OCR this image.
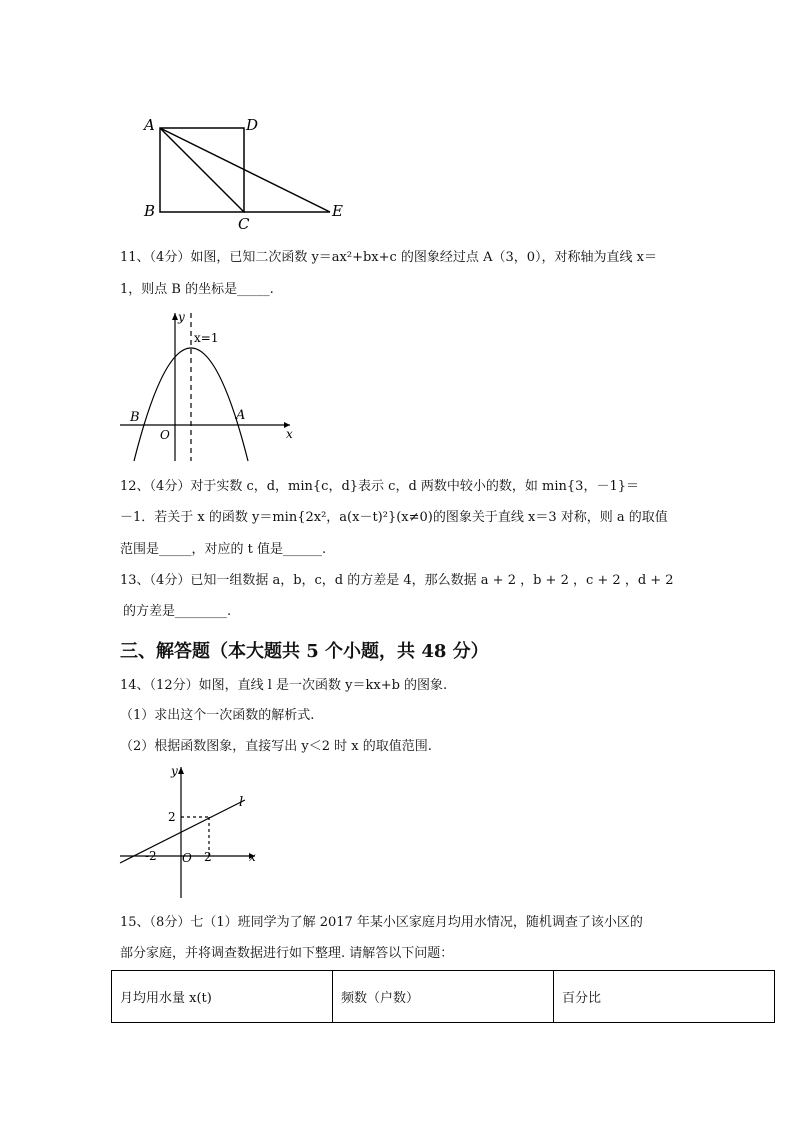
A	D
B
C
E
11、（4分）如图，已知二次函数 y＝ax²+bx+c 的图象经过点 A（3，0），对称轴为直线 x＝
1，则点 B 的坐标是_____.
y
x
x=1
O
A
B
12、（4分）对于实数 c，d，min{c，d}表示 c，d 两数中较小的数，如 min{3，－1}＝
－1．若关于 x 的函数 y＝min{2x²，a(x－t)²}(x≠0)的图象关于直线 x＝3 对称，则 a 的取值
范围是_____，对应的 t 值是______.
13、（4分）已知一组数据 a，b，c，d 的方差是 4，那么数据 a + 2 ，b + 2 ，c + 2 ，d + 2
的方差是________.
三、解答题（本大题共 5 个小题，共 48 分）
14、（12分）如图，直线 l 是一次函数 y＝kx+b 的图象.
（1）求出这个一次函数的解析式.
（2）根据函数图象，直接写出 y＜2 时 x 的取值范围.
y
x
l
2
-2	2
O
15、（8分）七（1）班同学为了解 2017 年某小区家庭月均用水情况，随机调查了该小区的
部分家庭，并将调查数据进行如下整理. 请解答以下问题：
月均用水量 x(t)	频数（户数）	百分比
